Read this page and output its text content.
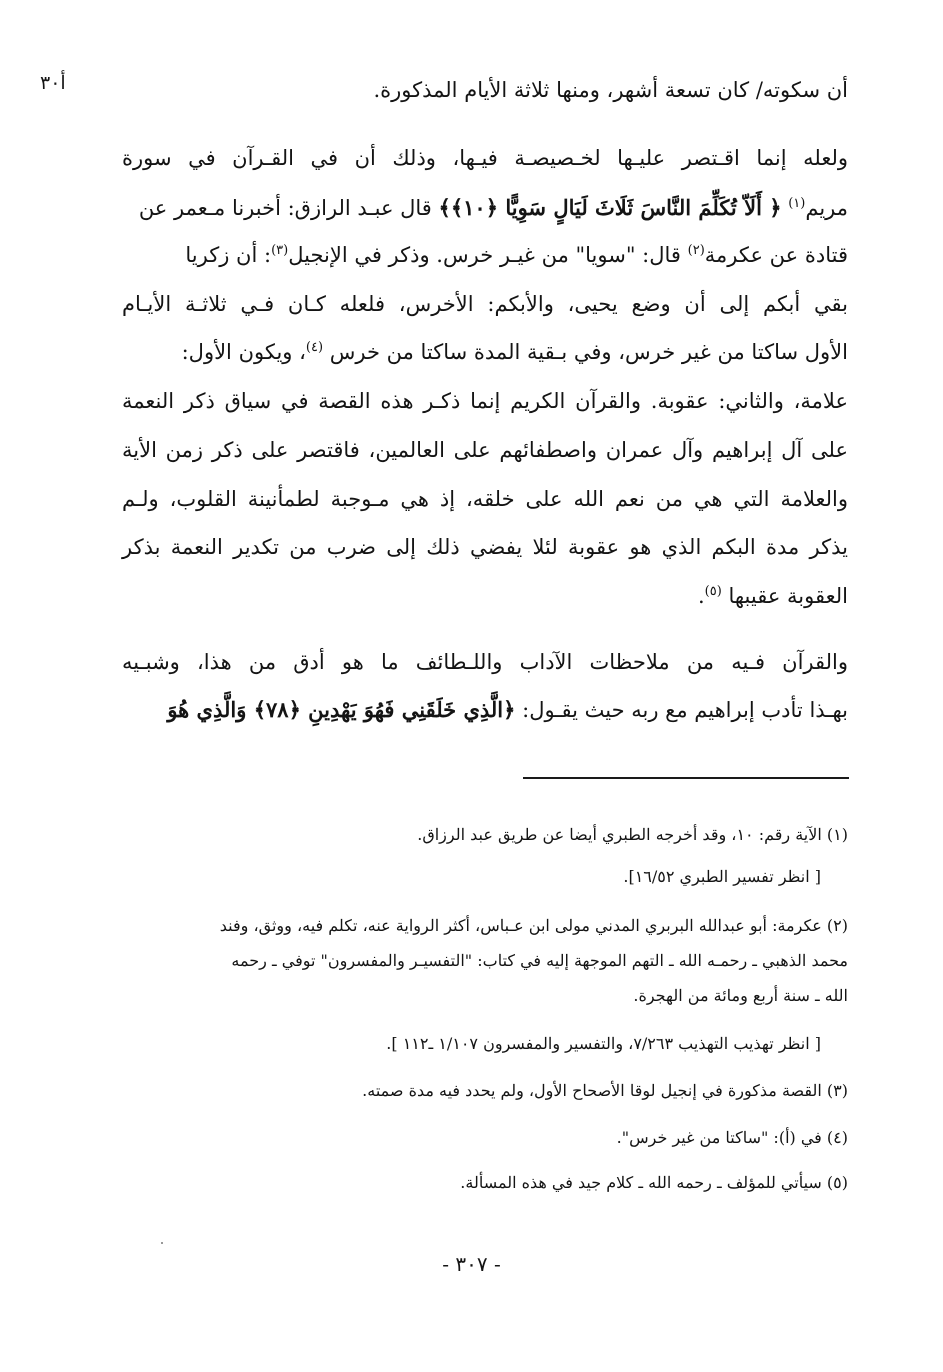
أ٣٠	أن سكوته/ كان تسعة أشهر، ومنها ثلاثة الأيام المذكورة.
ولعله إنما اقـتصر عليـها لخـصيصـة فيـها، وذلك أن في القـرآن في سورة
مريم$^{(١)}$ ﴿ أَلَاّ تُكَلِّمَ النَّاسَ ثَلَاثَ لَيَالٍ سَوِيًّا ﴿١٠﴾﴾ قال عبـد الرازق: أخبرنا مـعمر عن
قتادة عن عكرمة$^{(٢)}$ قال: "سويا" من غيـر خرس. وذكر في الإنجيل$^{(٣)}$: أن زكريا
بقي أبكم إلى أن وضع يحيى، والأبكم: الأخرس، فلعله كـان فـي ثلاثـة الأيـام
الأول ساكتا من غير خرس، وفي بـقية المدة ساكتا من خرس $^{(٤)}$، ويكون الأول:
علامة، والثاني: عقوبة. والقرآن الكريم إنما ذكـر هذه القصة في سياق ذكر النعمة
على آل إبراهيم وآل عمران واصطفائهم على العالمين، فاقتصر على ذكر زمن الأية
والعلامة التي هي من نعم الله على خلقه، إذ هي مـوجبة لطمأنينة القلوب، ولـم
يذكر مدة البكم الذي هو عقوبة لئلا يفضي ذلك إلى ضرب من تكدير النعمة بذكر
العقوبة عقيبها $^{(٥)}$.
والقرآن فـيه من ملاحظات الآداب واللـطائف ما هو أدق من هذا، وشبـيه
بهـذا تأدب إبراهيم مع ربه حيث يقـول: ﴿الَّذِي خَلَقَنِي فَهُوَ يَهْدِينِ ﴿٧٨﴾ وَالَّذِي هُوَ
(١) الآية رقم: ١٠، وقد أخرجه الطبري أيضا عن طريق عبد الرزاق.
[ انظر تفسير الطبري ١٦/٥٢].
(٢) عكرمة: أبو عبدالله البربري المدني مولى ابن عـباس، أكثر الرواية عنه، تكلم فيه، ووثق، وفند
محمد الذهبي ـ رحمـه الله ـ التهم الموجهة إليه في كتاب: "التفسيـر والمفسرون" توفي ـ رحمه
الله ـ سنة أربع ومائة من الهجرة.
[ انظر تهذيب التهذيب ٧/٢٦٣، والتفسير والمفسرون ١/١٠٧ ـ١١٢ ].
(٣) القصة مذكورة في إنجيل لوقا الأصحاح الأول، ولم يحدد فيه مدة صمته.
(٤) في (أ): "ساكتا من غير خرس".
(٥) سيأتي للمؤلف ـ رحمه الله ـ كلام جيد في هذه المسألة.
- ٣٠٧ -
